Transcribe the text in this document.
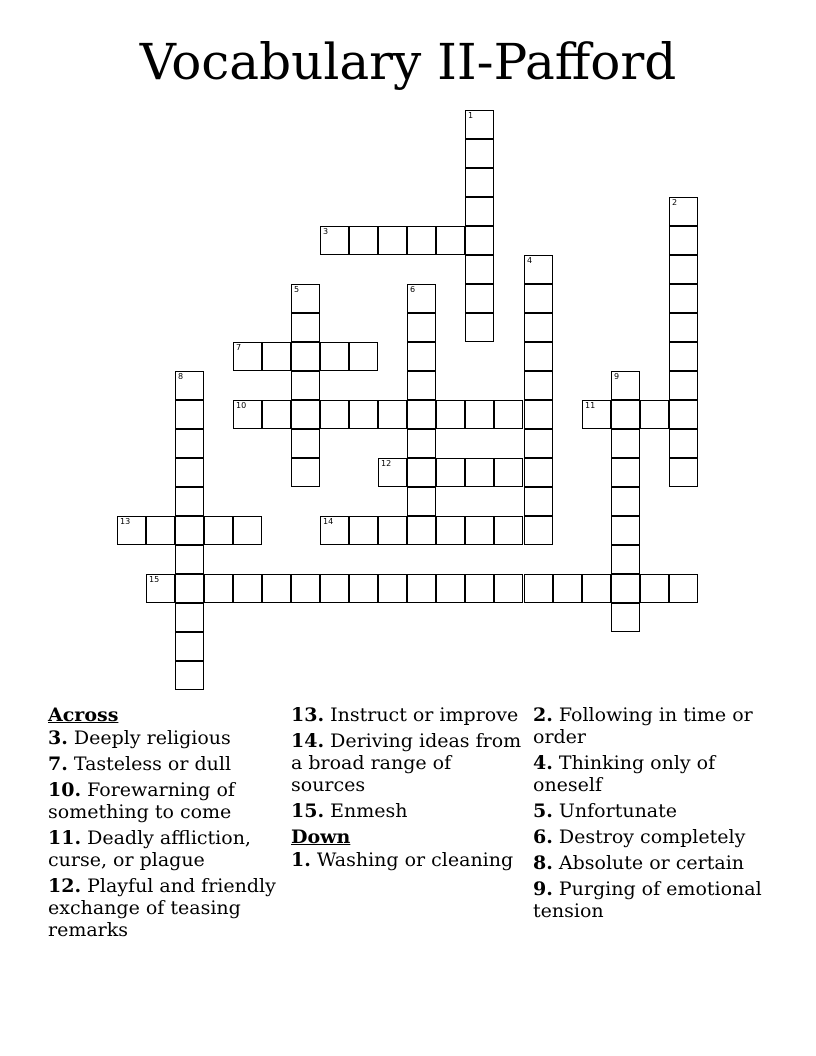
Vocabulary II-Pafford
1
2
3
4
5	6
7
8	9
10	11
12
13	14
15
Across
3. Deeply religious
7. Tasteless or dull
10. Forewarning of something to come
11. Deadly affliction, curse, or plague
12. Playful and friendly exchange of teasing remarks
13. Instruct or improve
14. Deriving ideas from a broad range of sources
15. Enmesh
Down
1. Washing or cleaning
2. Following in time or order
4. Thinking only of oneself
5. Unfortunate
6. Destroy completely
8. Absolute or certain
9. Purging of emotional tension
